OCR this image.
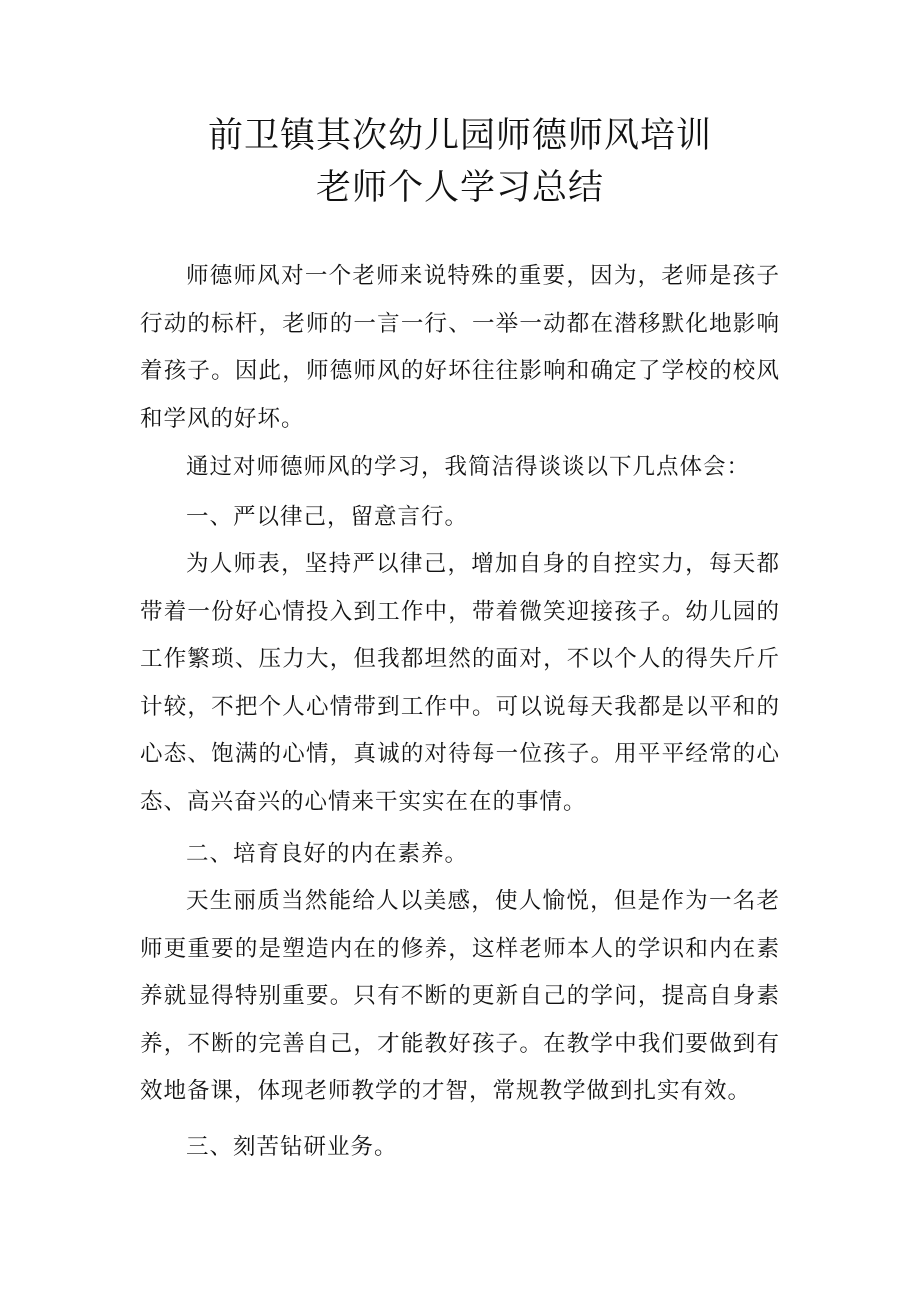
前卫镇其次幼儿园师德师风培训
老师个人学习总结

师德师风对一个老师来说特殊的重要，因为，老师是孩子行动的标杆，老师的一言一行、一举一动都在潜移默化地影响着孩子。因此，师德师风的好坏往往影响和确定了学校的校风和学风的好坏。

通过对师德师风的学习，我简洁得谈谈以下几点体会：

一、严以律己，留意言行。

为人师表，坚持严以律己，增加自身的自控实力，每天都带着一份好心情投入到工作中，带着微笑迎接孩子。幼儿园的工作繁琐、压力大，但我都坦然的面对，不以个人的得失斤斤计较，不把个人心情带到工作中。可以说每天我都是以平和的心态、饱满的心情，真诚的对待每一位孩子。用平平经常的心态、高兴奋兴的心情来干实实在在的事情。

二、培育良好的内在素养。

天生丽质当然能给人以美感，使人愉悦，但是作为一名老师更重要的是塑造内在的修养，这样老师本人的学识和内在素养就显得特别重要。只有不断的更新自己的学问，提高自身素养，不断的完善自己，才能教好孩子。在教学中我们要做到有效地备课，体现老师教学的才智，常规教学做到扎实有效。

三、刻苦钻研业务。
